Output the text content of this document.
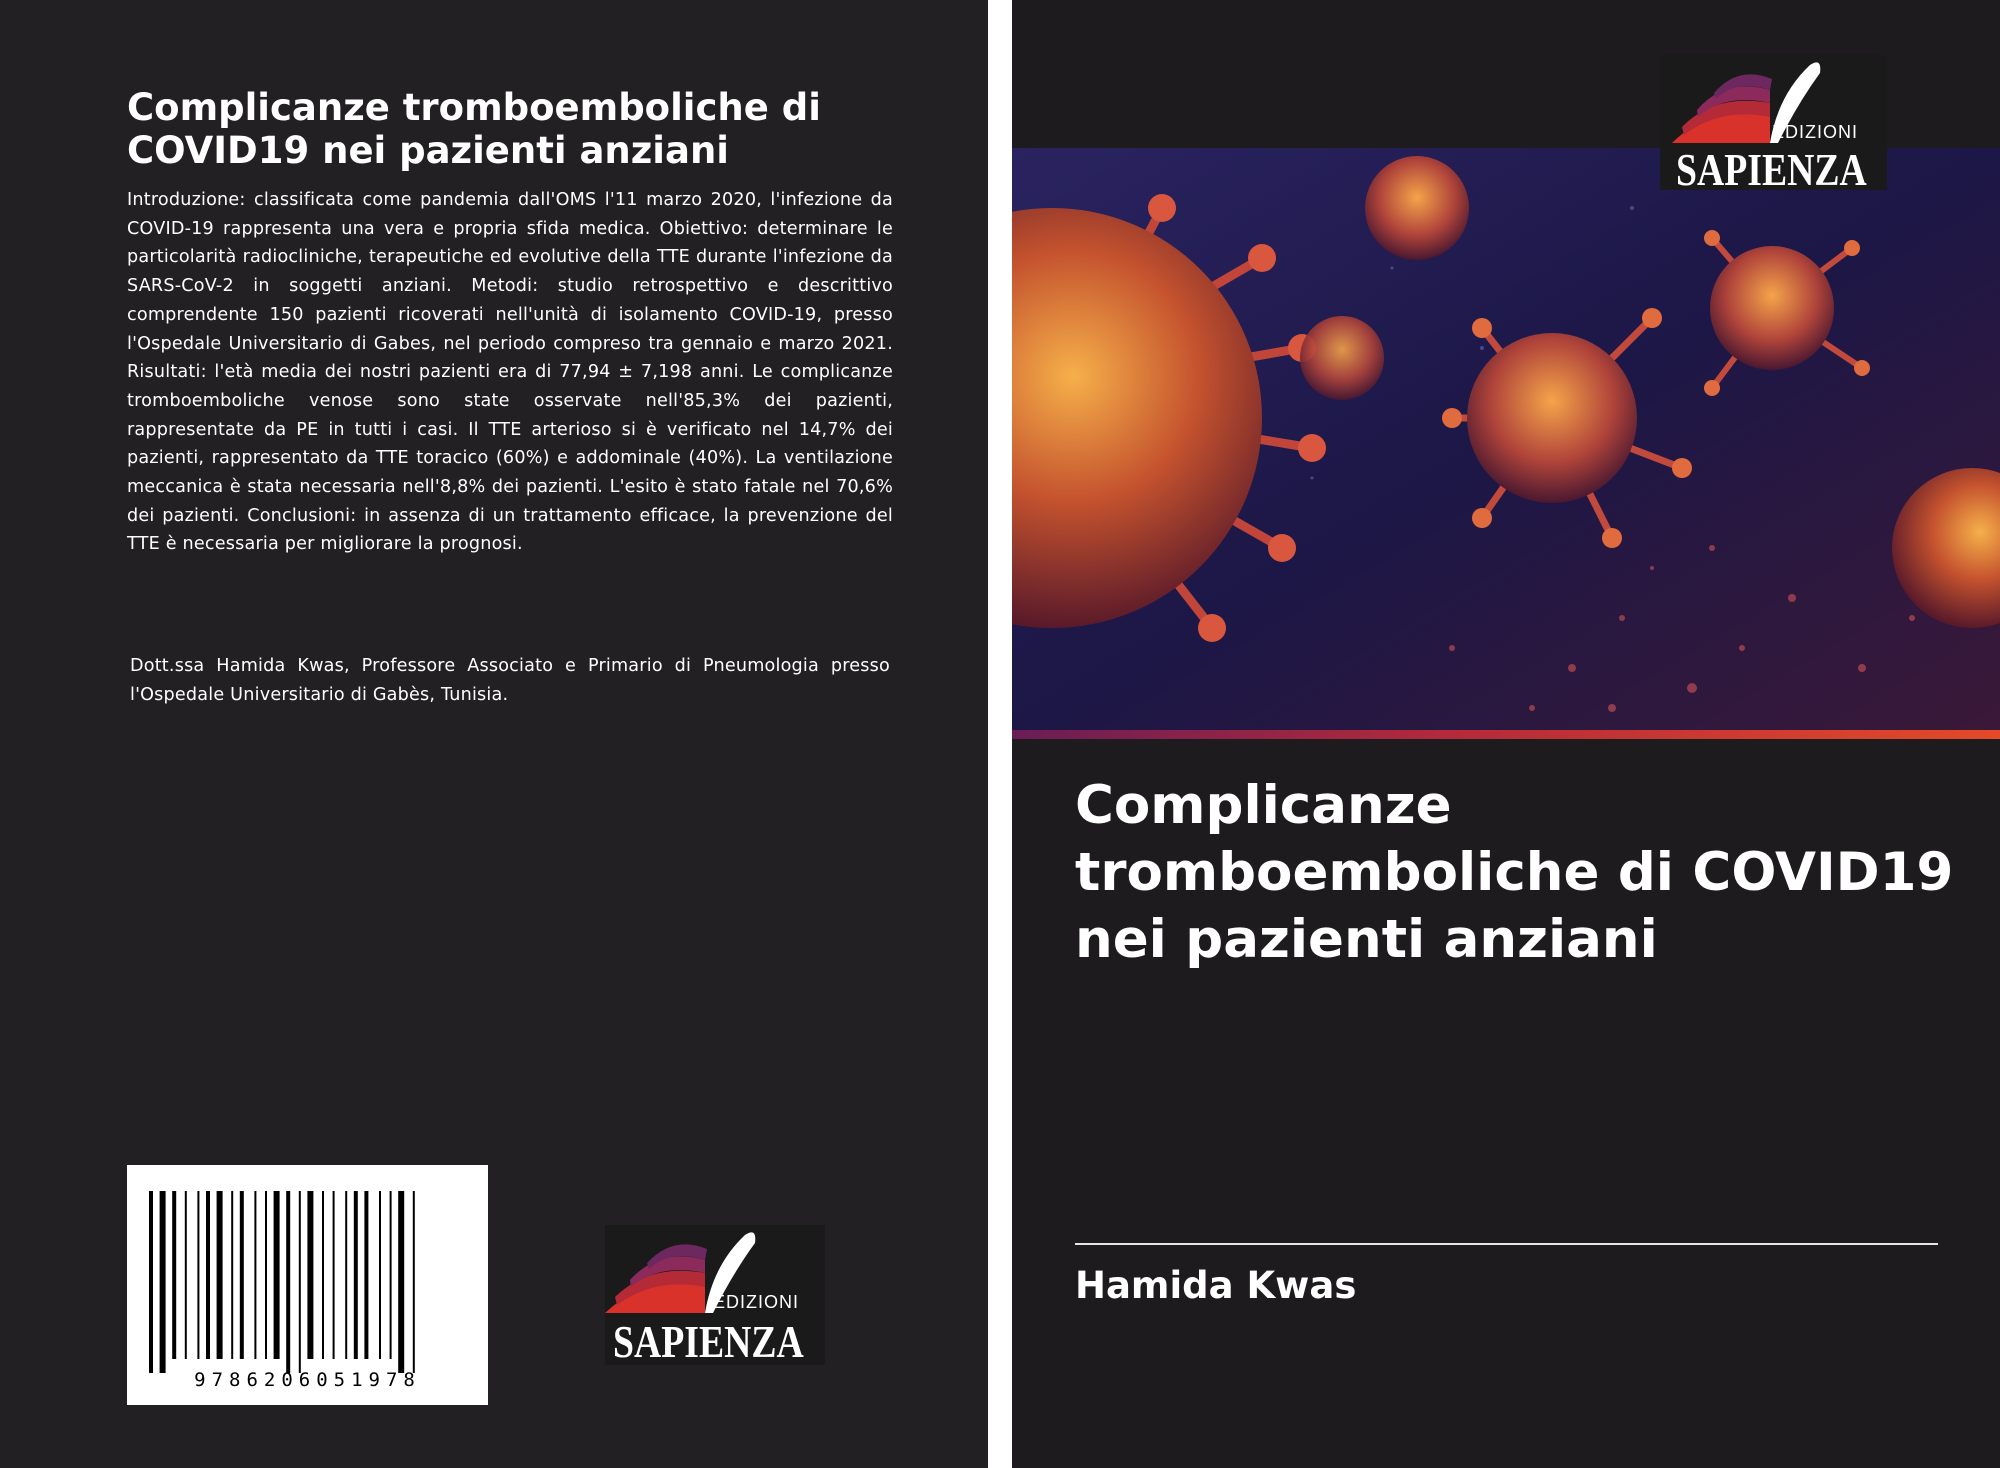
Complicanze tromboemboliche di COVID19 nei pazienti anziani

Introduzione: classificata come pandemia dall'OMS l'11 marzo 2020, l'infezione da COVID-19 rappresenta una vera e propria sfida medica. Obiettivo: determinare le particolarità radiocliniche, terapeutiche ed evolutive della TTE durante l'infezione da SARS-CoV-2 in soggetti anziani. Metodi: studio retrospettivo e descrittivo comprendente 150 pazienti ricoverati nell'unità di isolamento COVID-19, presso l'Ospedale Universitario di Gabes, nel periodo compreso tra gennaio e marzo 2021. Risultati: l'età media dei nostri pazienti era di 77,94 ± 7,198 anni. Le complicanze tromboemboliche venose sono state osservate nell'85,3% dei pazienti, rappresentate da PE in tutti i casi. Il TTE arterioso si è verificato nel 14,7% dei pazienti, rappresentato da TTE toracico (60%) e addominale (40%). La ventilazione meccanica è stata necessaria nell'8,8% dei pazienti. L'esito è stato fatale nel 70,6% dei pazienti. Conclusioni: in assenza di un trattamento efficace, la prevenzione del TTE è necessaria per migliorare la prognosi.

Dott.ssa Hamida Kwas, Professore Associato e Primario di Pneumologia presso l'Ospedale Universitario di Gabès, Tunisia.

9786206051978
EDIZIONI
SAPIENZA
EDIZIONI
SAPIENZA
Complicanze tromboemboliche di COVID19 nei pazienti anziani

Hamida Kwas
